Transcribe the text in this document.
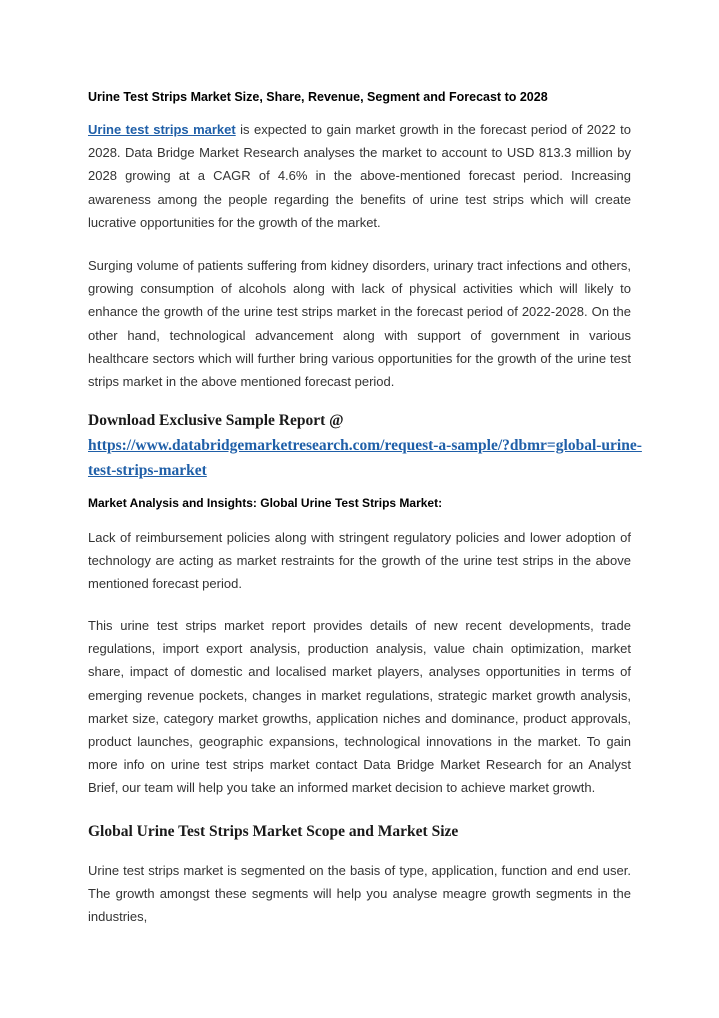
Urine Test Strips Market Size, Share, Revenue, Segment and Forecast to 2028

Urine test strips market is expected to gain market growth in the forecast period of 2022 to 2028. Data Bridge Market Research analyses the market to account to USD 813.3 million by 2028 growing at a CAGR of 4.6% in the above-mentioned forecast period. Increasing awareness among the people regarding the benefits of urine test strips which will create lucrative opportunities for the growth of the market.

Surging volume of patients suffering from kidney disorders, urinary tract infections and others, growing consumption of alcohols along with lack of physical activities which will likely to enhance the growth of the urine test strips market in the forecast period of 2022-2028. On the other hand, technological advancement along with support of government in various healthcare sectors which will further bring various opportunities for the growth of the urine test strips market in the above mentioned forecast period.

Download Exclusive Sample Report @
https://www.databridgemarketresearch.com/request-a-sample/?dbmr=global-urine-test-strips-market
Market Analysis and Insights: Global Urine Test Strips Market:

Lack of reimbursement policies along with stringent regulatory policies and lower adoption of technology are acting as market restraints for the growth of the urine test strips in the above mentioned forecast period.

This urine test strips market report provides details of new recent developments, trade regulations, import export analysis, production analysis, value chain optimization, market share, impact of domestic and localised market players, analyses opportunities in terms of emerging revenue pockets, changes in market regulations, strategic market growth analysis, market size, category market growths, application niches and dominance, product approvals, product launches, geographic expansions, technological innovations in the market. To gain more info on urine test strips market contact Data Bridge Market Research for an Analyst Brief, our team will help you take an informed market decision to achieve market growth.

Global Urine Test Strips Market Scope and Market Size

Urine test strips market is segmented on the basis of type, application, function and end user. The growth amongst these segments will help you analyse meagre growth segments in the industries,
